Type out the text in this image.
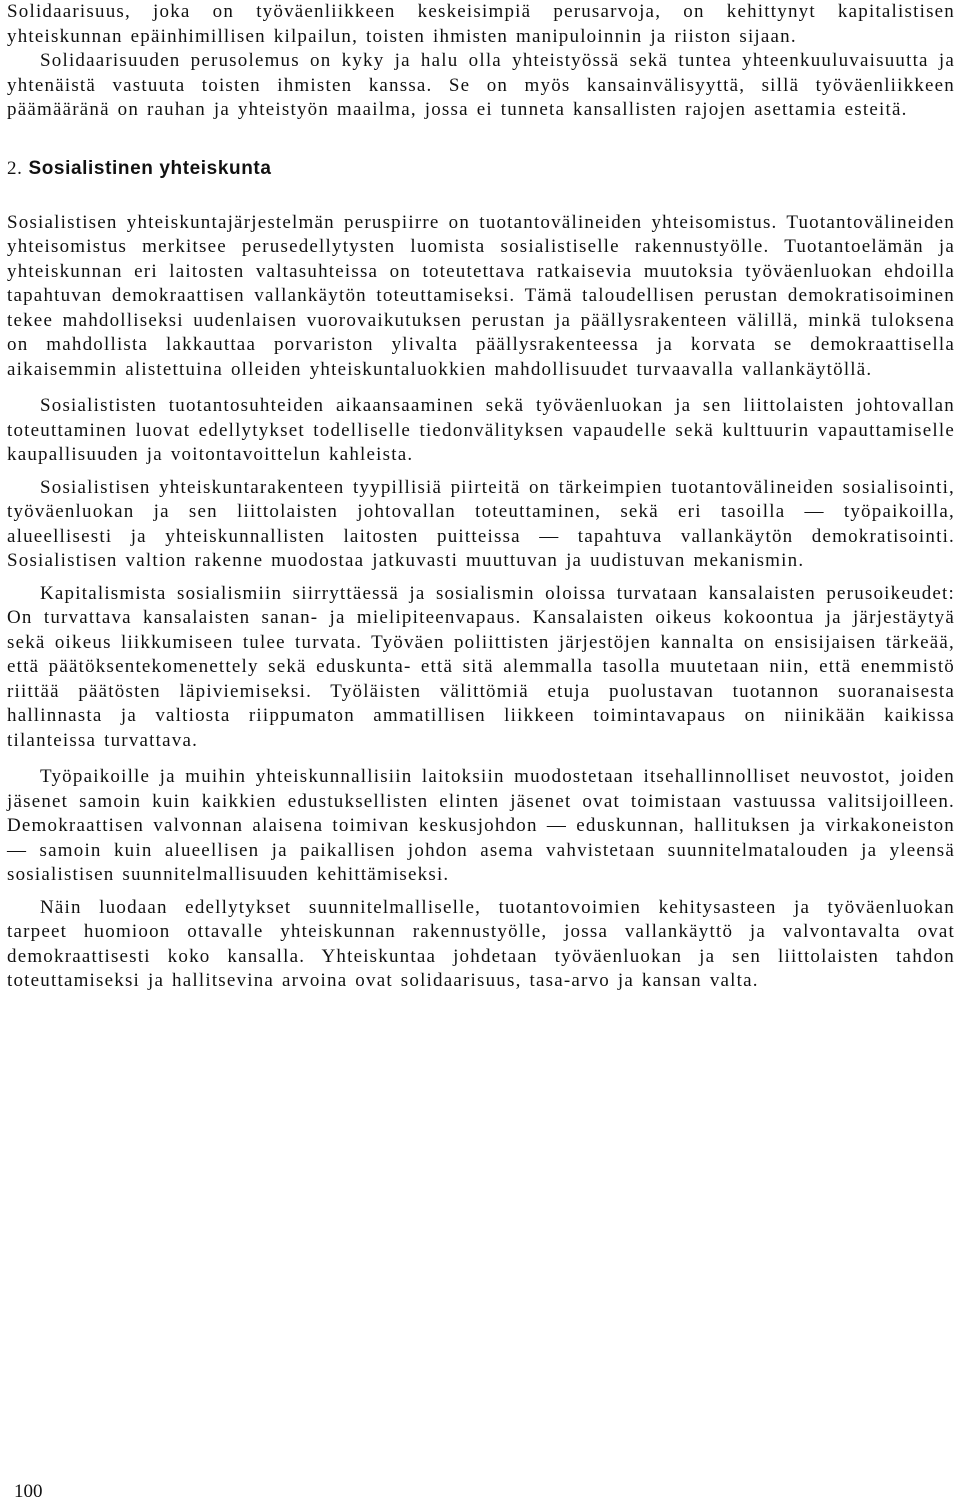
Solidaarisuus, joka on työväenliikkeen keskeisimpiä perusarvoja, on kehittynyt kapitalistisen yhteiskunnan epäinhimillisen kilpailun, toisten ihmisten manipuloinnin ja riiston sijaan.

Solidaarisuuden perusolemus on kyky ja halu olla yhteistyössä sekä tuntea yhteenkuuluvaisuutta ja yhtenäistä vastuuta toisten ihmisten kanssa. Se on myös kansainvälisyyttä, sillä työväenliikkeen päämääränä on rauhan ja yhteistyön maailma, jossa ei tunneta kansallisten rajojen asettamia esteitä.

2. Sosialistinen yhteiskunta

Sosialistisen yhteiskuntajärjestelmän peruspiirre on tuotantovälineiden yhteisomistus. Tuotantovälineiden yhteisomistus merkitsee perusedellytysten luomista sosialistiselle rakennustyölle. Tuotantoelämän ja yhteiskunnan eri laitosten valtasuhteissa on toteutettava ratkaisevia muutoksia työväenluokan ehdoilla tapahtuvan demokraattisen vallankäytön toteuttamiseksi. Tämä taloudellisen perustan demokratisoiminen tekee mahdolliseksi uudenlaisen vuorovaikutuksen perustan ja päällysrakenteen välillä, minkä tuloksena on mahdollista lakkauttaa porvariston ylivalta päällysrakenteessa ja korvata se demokraattisella aikaisemmin alistettuina olleiden yhteiskuntaluokkien mahdollisuudet turvaavalla vallankäytöllä.

Sosialististen tuotantosuhteiden aikaansaaminen sekä työväenluokan ja sen liittolaisten johtovallan toteuttaminen luovat edellytykset todelliselle tiedonvälityksen vapaudelle sekä kulttuurin vapauttamiselle kaupallisuuden ja voitontavoittelun kahleista.

Sosialistisen yhteiskuntarakenteen tyypillisiä piirteitä on tärkeimpien tuotantovälineiden sosialisointi, työväenluokan ja sen liittolaisten johtovallan toteuttaminen, sekä eri tasoilla — työpaikoilla, alueellisesti ja yhteiskunnallisten laitosten puitteissa — tapahtuva vallankäytön demokratisointi. Sosialistisen valtion rakenne muodostaa jatkuvasti muuttuvan ja uudistuvan mekanismin.

Kapitalismista sosialismiin siirryttäessä ja sosialismin oloissa turvataan kansalaisten perusoikeudet: On turvattava kansalaisten sanan- ja mielipiteenvapaus. Kansalaisten oikeus kokoontua ja järjestäytyä sekä oikeus liikkumiseen tulee turvata. Työväen poliittisten järjestöjen kannalta on ensisijaisen tärkeää, että päätöksentekomenettely sekä eduskunta- että sitä alemmalla tasolla muutetaan niin, että enemmistö riittää päätösten läpiviemiseksi. Työläisten välittömiä etuja puolustavan tuotannon suoranaisesta hallinnasta ja valtiosta riippumaton ammatillisen liikkeen toimintavapaus on niinikään kaikissa tilanteissa turvattava.

Työpaikoille ja muihin yhteiskunnallisiin laitoksiin muodostetaan itsehallinnolliset neuvostot, joiden jäsenet samoin kuin kaikkien edustuksellisten elinten jäsenet ovat toimistaan vastuussa valitsijoilleen. Demokraattisen valvonnan alaisena toimivan keskusjohdon — eduskunnan, hallituksen ja virkakoneiston — samoin kuin alueellisen ja paikallisen johdon asema vahvistetaan suunnitelmatalouden ja yleensä sosialistisen suunnitelmallisuuden kehittämiseksi.

Näin luodaan edellytykset suunnitelmalliselle, tuotantovoimien kehitysasteen ja työväenluokan tarpeet huomioon ottavalle yhteiskunnan rakennustyölle, jossa vallankäyttö ja valvontavalta ovat demokraattisesti koko kansalla. Yhteiskuntaa johdetaan työväenluokan ja sen liittolaisten tahdon toteuttamiseksi ja hallitsevina arvoina ovat solidaarisuus, tasa-arvo ja kansan valta.

100
